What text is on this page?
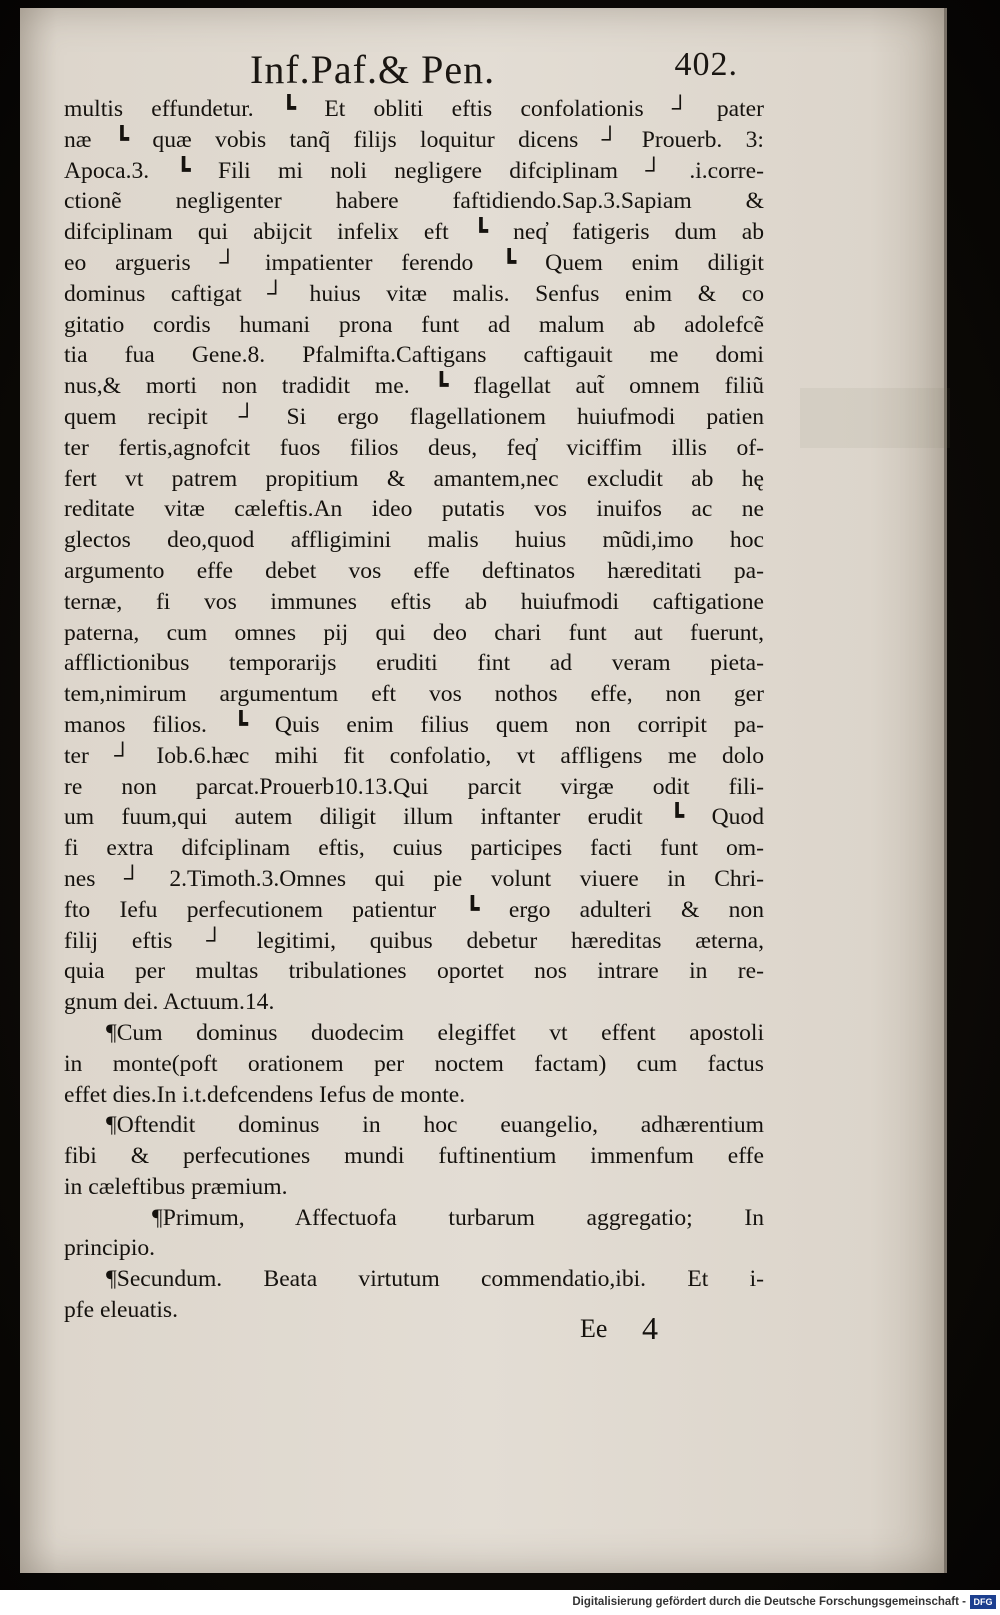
Inf.Paf.& Pen.	402.
multis effundetur. ┗ Et obliti eftis confolationis ┘ pater
næ ┗ quæ vobis tanq̃ filijs loquitur dicens ┘ Prouerb. 3:
Apoca.3. ┗ Fili mi noli negligere difciplinam ┘ .i.corre-
ctionẽ negligenter habere faftidiendo.Sap.3.Sapiam &
difciplinam qui abijcit infelix eft ┗ neq̓ fatigeris dum ab
eo argueris ┘ impatienter ferendo ┗ Quem enim diligit
dominus caftigat ┘ huius vitæ malis. Senfus enim & co
gitatio cordis humani prona funt ad malum ab adolefcẽ
tia fua Gene.8. Pfalmifta.Caftigans caftigauit me domi
nus,& morti non tradidit me. ┗ flagellat aut̃ omnem filiũ
quem recipit ┘ Si ergo flagellationem huiufmodi patien
ter fertis,agnofcit fuos filios deus, feq̓ viciffim illis of-
fert vt patrem propitium & amantem,nec excludit ab hę
reditate vitæ cæleftis.An ideo putatis vos inuifos ac ne
glectos deo,quod affligimini malis huius mũdi,imo hoc
argumento effe debet vos effe deftinatos hæreditati pa-
ternæ, fi vos immunes eftis ab huiufmodi caftigatione
paterna, cum omnes pij qui deo chari funt aut fuerunt,
afflictionibus temporarijs eruditi fint ad veram pieta-
tem,nimirum argumentum eft vos nothos effe, non ger
manos filios. ┗ Quis enim filius quem non corripit pa-
ter ┘ Iob.6.hæc mihi fit confolatio, vt affligens me dolo
re non parcat.Prouerb10.13.Qui parcit virgæ odit fili-
um fuum,qui autem diligit illum inftanter erudit ┗ Quod
fi extra difciplinam eftis, cuius participes facti funt om-
nes ┘ 2.Timoth.3.Omnes qui pie volunt viuere in Chri-
fto Iefu perfecutionem patientur ┗ ergo adulteri & non
filij eftis ┘ legitimi, quibus debetur hæreditas æterna,
quia per multas tribulationes oportet nos intrare in re-
gnum dei. Actuum.14.
¶Cum dominus duodecim elegiffet vt effent apostoli
in monte(poft orationem per noctem factam) cum factus
effet dies.In i.t.defcendens Iefus de monte.
¶Oftendit dominus in hoc euangelio, adhærentium
fibi & perfecutiones mundi fuftinentium immenfum effe
in cæleftibus præmium.
¶Primum, Affectuofa turbarum aggregatio; In
principio.
¶Secundum. Beata virtutum commendatio,ibi. Et i-
pfe eleuatis.
Ee 4
Digitalisierung gefördert durch die Deutsche Forschungsgemeinschaft - DFG
